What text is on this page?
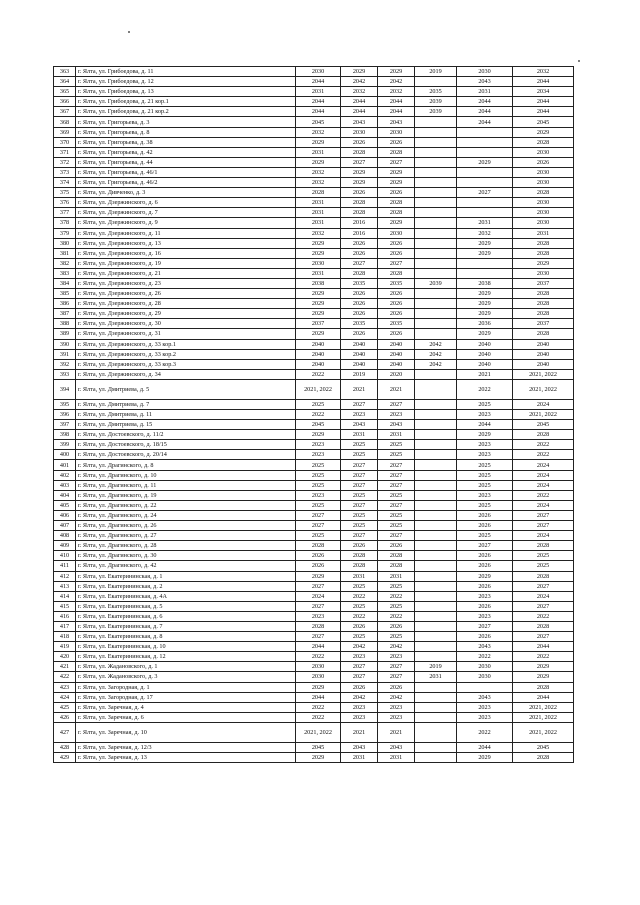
363	г. Ялта, ул. Грибоедова, д. 11	2030	2029	2029	2019	2030	2032
364	г. Ялта, ул. Грибоедова, д. 12	2044	2042	2042		2043	2044
365	г. Ялта, ул. Грибоедова, д. 13	2031	2032	2032	2035	2031	2034
366	г. Ялта, ул. Грибоедова, д. 21 кор.1	2044	2044	2044	2039	2044	2044
367	г. Ялта, ул. Грибоедова, д. 21 кор.2	2044	2044	2044	2039	2044	2044
368	г. Ялта, ул. Григорьева, д. 3	2045	2043	2043		2044	2045
369	г. Ялта, ул. Григорьева, д. 8	2032	2030	2030			2029
370	г. Ялта, ул. Григорьева, д. 38	2029	2026	2026			2028
371	г. Ялта, ул. Григорьева, д. 42	2031	2028	2028			2030
372	г. Ялта, ул. Григорьева, д. 44	2029	2027	2027		2029	2026
373	г. Ялта, ул. Григорьева, д. 46/1	2032	2029	2029			2030
374	г. Ялта, ул. Григорьева, д. 46/2	2032	2029	2029			2030
375	г. Ялта, ул. Дивченко, д. 3	2028	2026	2026		2027	2028
376	г. Ялта, ул. Дзержинского, д. 6	2031	2028	2028			2030
377	г. Ялта, ул. Дзержинского, д. 7	2031	2028	2028			2030
378	г. Ялта, ул. Дзержинского, д. 9	2031	2016	2029		2031	2030
379	г. Ялта, ул. Дзержинского, д. 11	2032	2016	2030		2032	2031
380	г. Ялта, ул. Дзержинского, д. 13	2029	2026	2026		2029	2028
381	г. Ялта, ул. Дзержинского, д. 16	2029	2026	2026		2029	2028
382	г. Ялта, ул. Дзержинского, д. 19	2030	2027	2027			2029
383	г. Ялта, ул. Дзержинского, д. 21	2031	2028	2028			2030
384	г. Ялта, ул. Дзержинского, д. 23	2038	2035	2035	2039	2038	2037
385	г. Ялта, ул. Дзержинского, д. 26	2029	2026	2026		2029	2028
386	г. Ялта, ул. Дзержинского, д. 28	2029	2026	2026		2029	2028
387	г. Ялта, ул. Дзержинского, д. 29	2029	2026	2026		2029	2028
388	г. Ялта, ул. Дзержинского, д. 30	2037	2035	2035		2036	2037
389	г. Ялта, ул. Дзержинского, д. 31	2029	2026	2026		2029	2028
390	г. Ялта, ул. Дзержинского, д. 33 кор.1	2040	2040	2040	2042	2040	2040
391	г. Ялта, ул. Дзержинского, д. 33 кор.2	2040	2040	2040	2042	2040	2040
392	г. Ялта, ул. Дзержинского, д. 33 кор.3	2040	2040	2040	2042	2040	2040
393	г. Ялта, ул. Дзержинского, д. 34	2022	2019	2020		2021	2021, 2022
394	г. Ялта, ул. Дмитриева, д. 5	2021, 2022	2021	2021		2022	2021, 2022
395	г. Ялта, ул. Дмитриева, д. 7	2025	2027	2027		2025	2024
396	г. Ялта, ул. Дмитриева, д. 11	2022	2023	2023		2023	2021, 2022
397	г. Ялта, ул. Дмитриева, д. 15	2045	2043	2043		2044	2045
398	г. Ялта, ул. Достоевского, д. 11/2	2029	2031	2031		2029	2028
399	г. Ялта, ул. Достоевского, д. 18/15	2023	2025	2025		2023	2022
400	г. Ялта, ул. Достоевского, д. 20/14	2023	2025	2025		2023	2022
401	г. Ялта, ул. Драгинского, д. 8	2025	2027	2027		2025	2024
402	г. Ялта, ул. Драгинского, д. 10	2025	2027	2027		2025	2024
403	г. Ялта, ул. Драгинского, д. 11	2025	2027	2027		2025	2024
404	г. Ялта, ул. Драгинского, д. 19	2023	2025	2025		2023	2022
405	г. Ялта, ул. Драгинского, д. 22	2025	2027	2027		2025	2024
406	г. Ялта, ул. Драгинского, д. 24	2027	2025	2025		2026	2027
407	г. Ялта, ул. Драгинского, д. 26	2027	2025	2025		2026	2027
408	г. Ялта, ул. Драгинского, д. 27	2025	2027	2027		2025	2024
409	г. Ялта, ул. Драгинского, д. 28	2028	2026	2026		2027	2028
410	г. Ялта, ул. Драгинского, д. 30	2026	2028	2028		2026	2025
411	г. Ялта, ул. Драгинского, д. 42	2026	2028	2028		2026	2025
412	г. Ялта, ул. Екатерининская, д. 1	2029	2031	2031		2029	2028
413	г. Ялта, ул. Екатерининская, д. 2	2027	2025	2025		2026	2027
414	г. Ялта, ул. Екатерининская, д. 4А	2024	2022	2022		2023	2024
415	г. Ялта, ул. Екатерининская, д. 5	2027	2025	2025		2026	2027
416	г. Ялта, ул. Екатерининская, д. 6	2023	2022	2022		2023	2022
417	г. Ялта, ул. Екатерининская, д. 7	2028	2026	2026		2027	2028
418	г. Ялта, ул. Екатерининская, д. 8	2027	2025	2025		2026	2027
419	г. Ялта, ул. Екатерининская, д. 10	2044	2042	2042		2043	2044
420	г. Ялта, ул. Екатерининская, д. 12	2022	2023	2023		2022	2022
421	г. Ялта, ул. Жадановского, д. 1	2030	2027	2027	2019	2030	2029
422	г. Ялта, ул. Жадановского, д. 3	2030	2027	2027	2031	2030	2029
423	г. Ялта, ул. Загородная, д. 1	2029	2026	2026			2028
424	г. Ялта, ул. Загородная, д. 17	2044	2042	2042		2043	2044
425	г. Ялта, ул. Заречная, д. 4	2022	2023	2023		2023	2021, 2022
426	г. Ялта, ул. Заречная, д. 6	2022	2023	2023		2023	2021, 2022
427	г. Ялта, ул. Заречная, д. 10	2021, 2022	2021	2021		2022	2021, 2022
428	г. Ялта, ул. Заречная, д. 12/3	2045	2043	2043		2044	2045
429	г. Ялта, ул. Заречная, д. 13	2029	2031	2031		2029	2028
